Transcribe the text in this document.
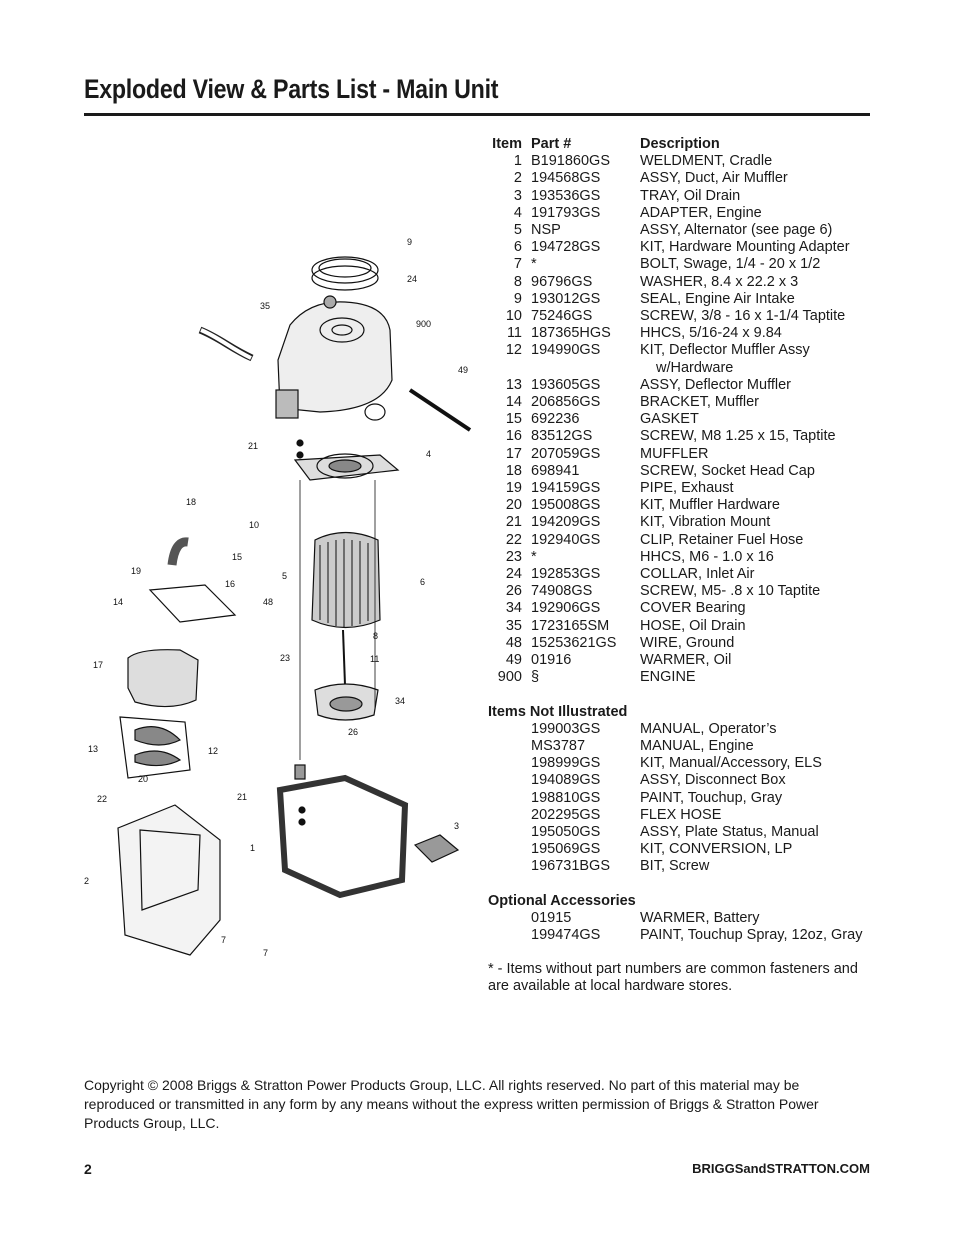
Exploded View & Parts List - Main Unit
9
24
35
900
49
21
4
18
10
15
19
16
14
5
6
48
8
17
23	11
34
26
13	12
20
22	21
3
1
2
7
7
Item Part #	Description
1 B191860GS	WELDMENT, Cradle
2 194568GS	ASSY, Duct, Air Muffler
3 193536GS	TRAY, Oil Drain
4 191793GS	ADAPTER, Engine
5 NSP	ASSY, Alternator (see page 6)
6 194728GS	KIT, Hardware Mounting Adapter
7 *	BOLT, Swage, 1/4 - 20 x 1/2
8 96796GS	WASHER, 8.4 x 22.2 x 3
9 193012GS	SEAL, Engine Air Intake
10 75246GS	SCREW, 3/8 - 16 x 1-1/4 Taptite
11 187365HGS	HHCS, 5/16-24 x 9.84
12 194990GS	KIT, Deflector Muffler Assy
w/Hardware
13 193605GS	ASSY, Deflector Muffler
14 206856GS	BRACKET, Muffler
15 692236	GASKET
16 83512GS	SCREW, M8 1.25 x 15, Taptite
17 207059GS	MUFFLER
18 698941	SCREW, Socket Head Cap
19 194159GS	PIPE, Exhaust
20 195008GS	KIT, Muffler Hardware
21 194209GS	KIT, Vibration Mount
22 192940GS	CLIP, Retainer Fuel Hose
23 *	HHCS, M6 - 1.0 x 16
24 192853GS	COLLAR, Inlet Air
26 74908GS	SCREW, M5- .8 x 10 Taptite
34 192906GS	COVER Bearing
35 1723165SM	HOSE, Oil Drain
48 15253621GS	WIRE, Ground
49 01916	WARMER, Oil
900 §	ENGINE
Items Not Illustrated
199003GS	MANUAL, Operator’s
MS3787	MANUAL, Engine
198999GS	KIT, Manual/Accessory, ELS
194089GS	ASSY, Disconnect Box
198810GS	PAINT, Touchup, Gray
202295GS	FLEX HOSE
195050GS	ASSY, Plate Status, Manual
195069GS	KIT, CONVERSION, LP
196731BGS	BIT, Screw
Optional Accessories
01915	WARMER, Battery
199474GS	PAINT, Touchup Spray, 12oz, Gray
* - Items without part numbers are common fasteners and are available at local hardware stores.
Copyright © 2008 Briggs & Stratton Power Products Group, LLC. All rights reserved. No part of this material may be reproduced or transmitted in any form by any means without the express written permission of Briggs & Stratton Power Products Group, LLC.
2	BRIGGSandSTRATTON.COM
